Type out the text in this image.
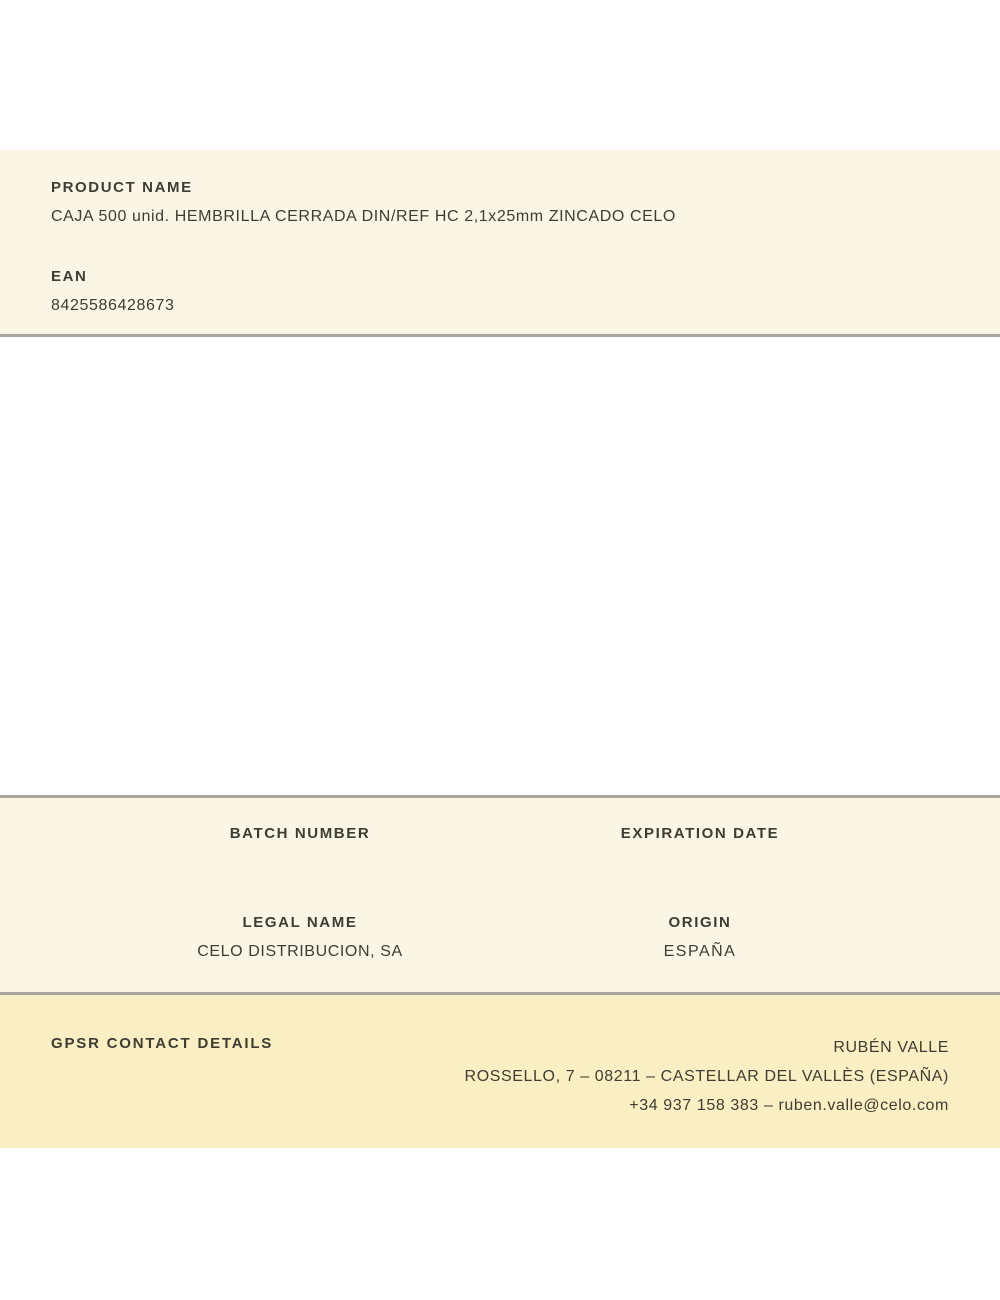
PRODUCT NAME
CAJA 500 unid. HEMBRILLA CERRADA DIN/REF HC 2,1x25mm ZINCADO CELO
EAN
8425586428673
BATCH NUMBER	EXPIRATION DATE
LEGAL NAME
CELO DISTRIBUCION, SA
ORIGIN
ESPAÑA
GPSR CONTACT DETAILS	RUBÉN VALLE
ROSSELLO, 7 – 08211 – CASTELLAR DEL VALLÈS (ESPAÑA)
+34 937 158 383 – ruben.valle@celo.com
